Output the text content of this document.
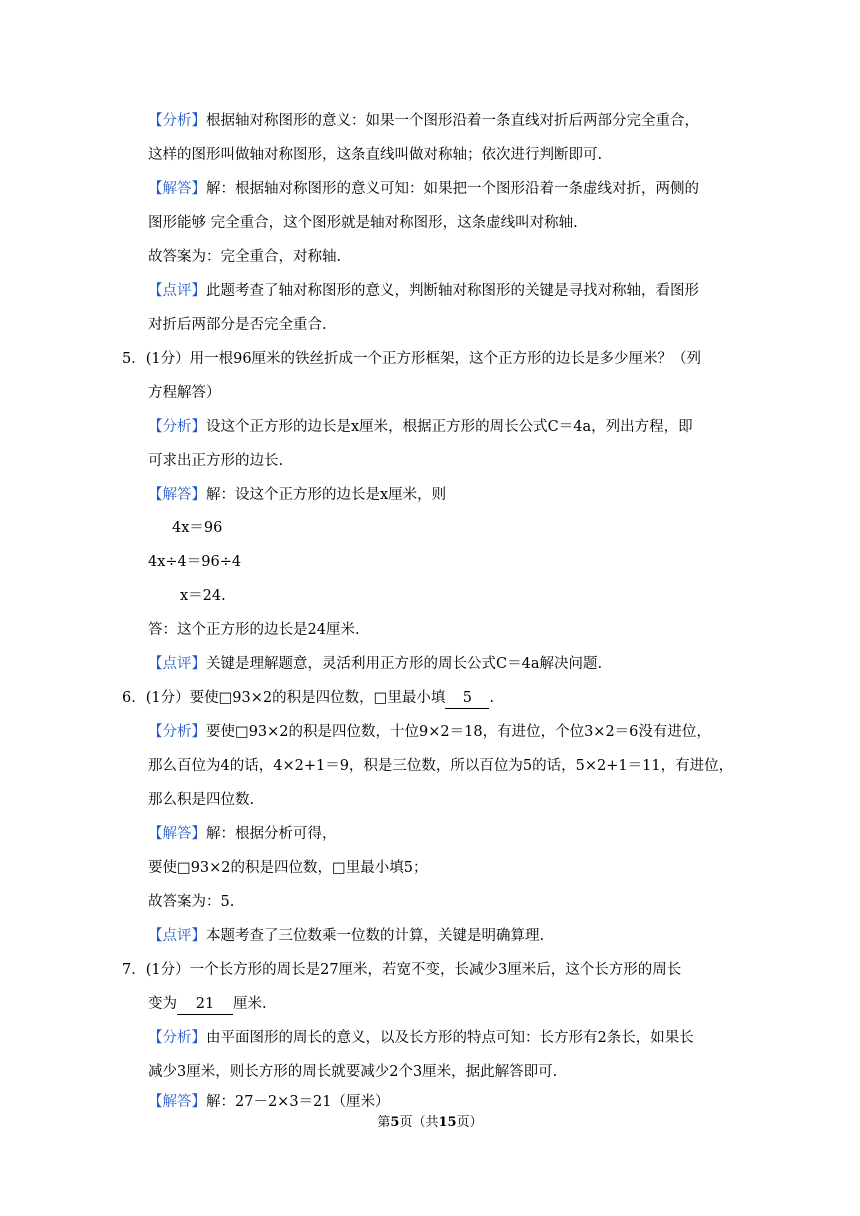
【分析】根据轴对称图形的意义：如果一个图形沿着一条直线对折后两部分完全重合，
这样的图形叫做轴对称图形，这条直线叫做对称轴；依次进行判断即可.
【解答】解：根据轴对称图形的意义可知：如果把一个图形沿着一条虚线对折，两侧的
图形能够 完全重合，这个图形就是轴对称图形，这条虚线叫对称轴.
故答案为：完全重合，对称轴.
【点评】此题考查了轴对称图形的意义，判断轴对称图形的关键是寻找对称轴，看图形
对折后两部分是否完全重合.
5．(1分）用一根96厘米的铁丝折成一个正方形框架，这个正方形的边长是多少厘米？（列
方程解答）
【分析】设这个正方形的边长是x厘米，根据正方形的周长公式C＝4a，列出方程，即
可求出正方形的边长.
【解答】解：设这个正方形的边长是x厘米，则
4x＝96
4x÷4＝96÷4
x＝24.
答：这个正方形的边长是24厘米.
【点评】关键是理解题意，灵活利用正方形的周长公式C＝4a解决问题.
6．(1分）要使□93×2的积是四位数，□里最小填 5 .
【分析】要使□93×2的积是四位数，十位9×2＝18，有进位，个位3×2＝6没有进位，
那么百位为4的话，4×2+1＝9，积是三位数，所以百位为5的话，5×2+1＝11，有进位，
那么积是四位数.
【解答】解：根据分析可得，
要使□93×2的积是四位数，□里最小填5；
故答案为：5.
【点评】本题考查了三位数乘一位数的计算，关键是明确算理.
7．(1分）一个长方形的周长是27厘米，若宽不变，长减少3厘米后，这个长方形的周长
变为 21 厘米.
【分析】由平面图形的周长的意义，以及长方形的特点可知：长方形有2条长，如果长
减少3厘米，则长方形的周长就要减少2个3厘米，据此解答即可.
【解答】解：27－2×3＝21（厘米）
第5页（共15页）
